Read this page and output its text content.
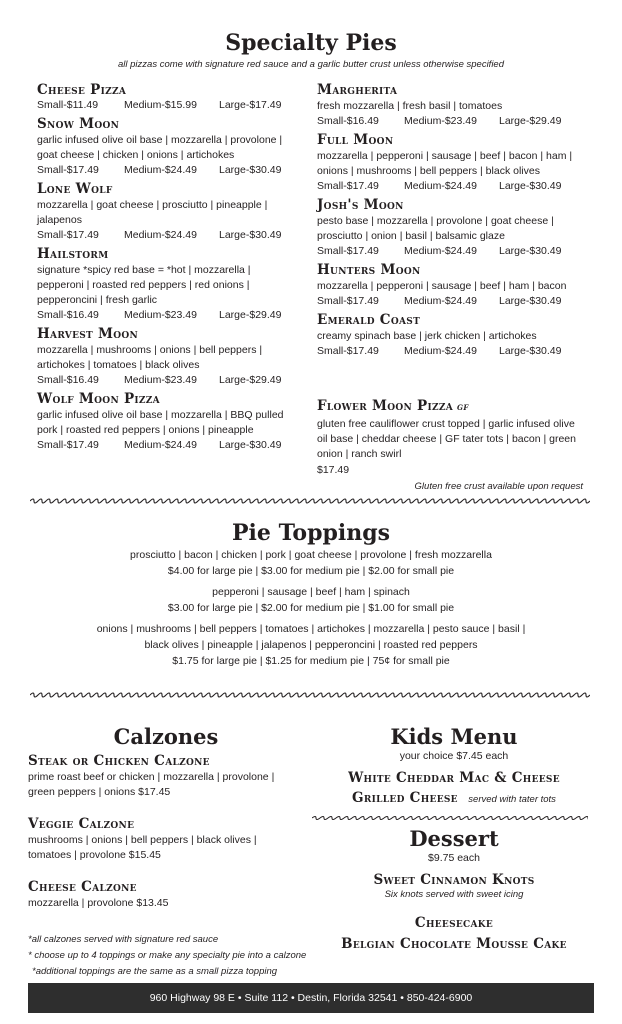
Specialty Pies
all pizzas come with signature red sauce and a garlic butter crust unless otherwise specified
Cheese Pizza
Small-$11.49 Medium-$15.99 Large-$17.49
Snow Moon
garlic infused olive oil base | mozzarella | provolone | goat cheese | chicken | onions | artichokes
Small-$17.49 Medium-$24.49 Large-$30.49
Lone Wolf
mozzarella | goat cheese | prosciutto | pineapple | jalapenos
Small-$17.49 Medium-$24.49 Large-$30.49
Hailstorm
signature *spicy red base = *hot | mozzarella | pepperoni | roasted red peppers | red onions | pepperoncini | fresh garlic
Small-$16.49 Medium-$23.49 Large-$29.49
Harvest Moon
mozzarella | mushrooms | onions | bell peppers | artichokes | tomatoes | black olives
Small-$16.49 Medium-$23.49 Large-$29.49
Wolf Moon Pizza
garlic infused olive oil base | mozzarella | BBQ pulled pork | roasted red peppers | onions | pineapple
Small-$17.49 Medium-$24.49 Large-$30.49
Margherita
fresh mozzarella | fresh basil | tomatoes
Small-$16.49 Medium-$23.49 Large-$29.49
Full Moon
mozzarella | pepperoni | sausage | beef | bacon | ham | onions | mushrooms | bell peppers | black olives
Small-$17.49 Medium-$24.49 Large-$30.49
Josh's Moon
pesto base | mozzarella | provolone | goat cheese | prosciutto | onion | basil | balsamic glaze
Small-$17.49 Medium-$24.49 Large-$30.49
Hunters Moon
mozzarella | pepperoni | sausage | beef | ham | bacon
Small-$17.49 Medium-$24.49 Large-$30.49
Emerald Coast
creamy spinach base | jerk chicken | artichokes
Small-$17.49 Medium-$24.49 Large-$30.49
Flower Moon Pizza GF
gluten free cauliflower crust topped | garlic infused olive oil base | cheddar cheese | GF tater tots | bacon | green onion | ranch swirl
$17.49
Gluten free crust available upon request
Pie Toppings
prosciutto | bacon | chicken | pork | goat cheese | provolone | fresh mozzarella
$4.00 for large pie | $3.00 for medium pie | $2.00 for small pie
pepperoni | sausage | beef | ham | spinach
$3.00 for large pie | $2.00 for medium pie | $1.00 for small pie
onions | mushrooms | bell peppers | tomatoes | artichokes | mozzarella | pesto sauce | basil |
black olives | pineapple | jalapenos | pepperoncini | roasted red peppers
$1.75 for large pie | $1.25 for medium pie | 75¢ for small pie
Calzones
Steak or Chicken Calzone
prime roast beef or chicken | mozzarella | provolone | green peppers | onions $17.45
Veggie Calzone
mushrooms | onions | bell peppers | black olives | tomatoes | provolone $15.45
Cheese Calzone
mozzarella | provolone $13.45
*all calzones served with signature red sauce
* choose up to 4 toppings or make any specialty pie into a calzone
*additional toppings are the same as a small pizza topping
Kids Menu
your choice $7.45 each
White Cheddar Mac & Cheese
Grilled Cheese served with tater tots
Dessert
$9.75 each
Sweet Cinnamon Knots
Six knots served with sweet icing
Cheesecake
Belgian Chocolate Mousse Cake
960 Highway 98 E • Suite 112 • Destin, Florida 32541 • 850-424-6900
